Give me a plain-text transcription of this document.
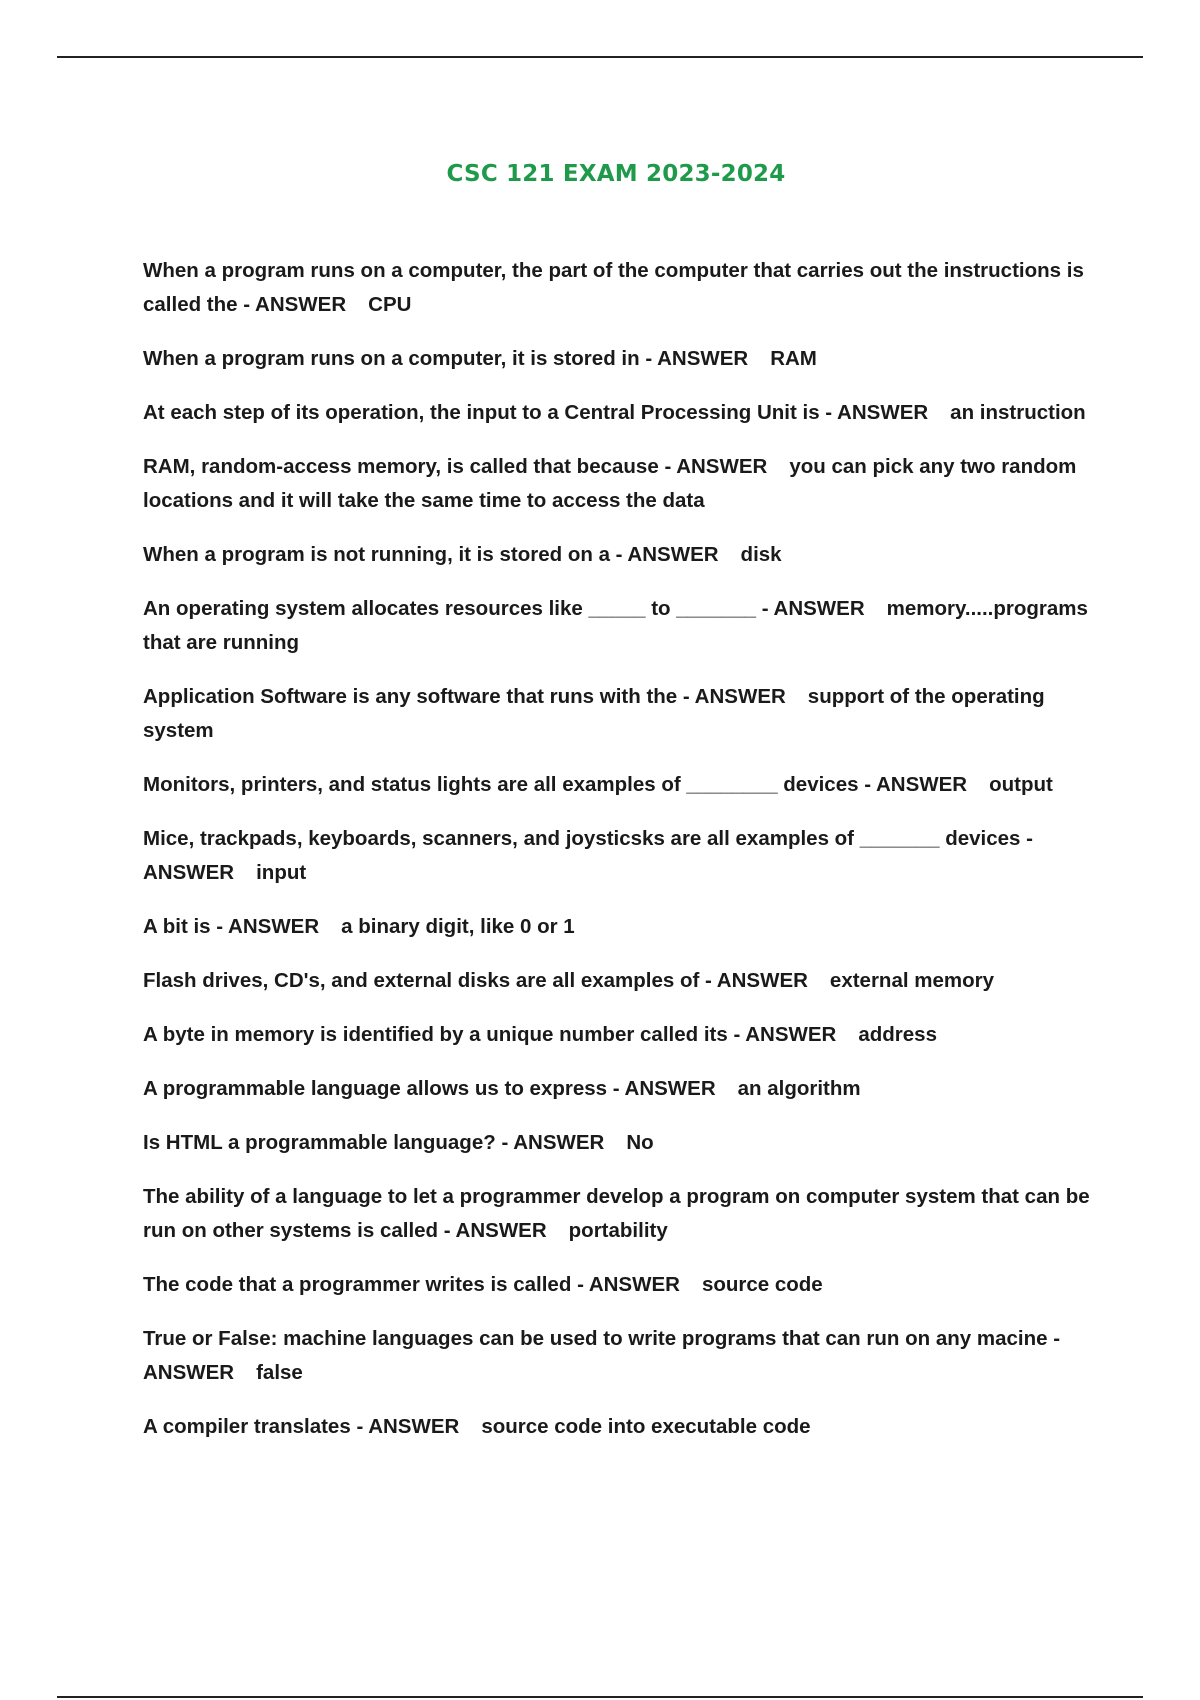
CSC 121 EXAM 2023-2024
When a program runs on a computer, the part of the computer that carries out the instructions is called the - ANSWER CPU
When a program runs on a computer, it is stored in - ANSWER RAM
At each step of its operation, the input to a Central Processing Unit is - ANSWER an instruction
RAM, random-access memory, is called that because - ANSWER you can pick any two random locations and it will take the same time to access the data
When a program is not running, it is stored on a - ANSWER disk
An operating system allocates resources like _____ to _______ - ANSWER memory.....programs that are running
Application Software is any software that runs with the - ANSWER support of the operating system
Monitors, printers, and status lights are all examples of ________ devices - ANSWER output
Mice, trackpads, keyboards, scanners, and joysticsks are all examples of _______ devices - ANSWER input
A bit is - ANSWER a binary digit, like 0 or 1
Flash drives, CD's, and external disks are all examples of - ANSWER external memory
A byte in memory is identified by a unique number called its - ANSWER address
A programmable language allows us to express - ANSWER an algorithm
Is HTML a programmable language? - ANSWER No
The ability of a language to let a programmer develop a program on computer system that can be run on other systems is called - ANSWER portability
The code that a programmer writes is called - ANSWER source code
True or False: machine languages can be used to write programs that can run on any macine - ANSWER false
A compiler translates - ANSWER source code into executable code
